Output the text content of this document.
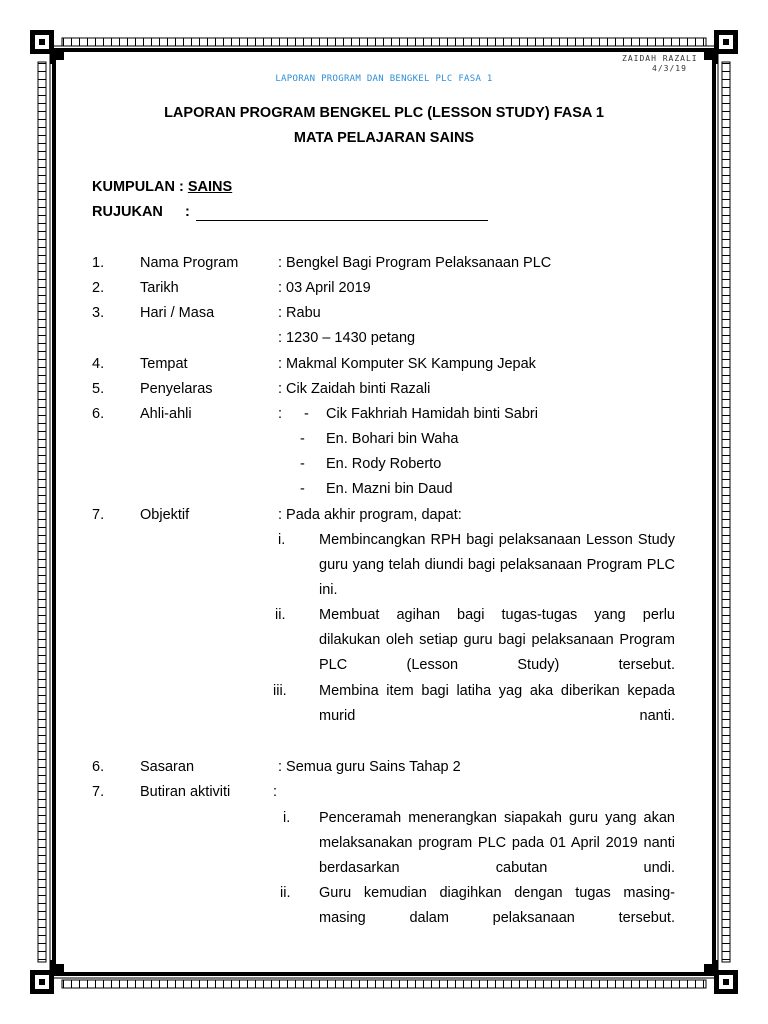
ZAIDAH RAZALI
4/3/19
LAPORAN PROGRAM DAN BENGKEL PLC FASA 1
LAPORAN PROGRAM BENGKEL PLC (LESSON STUDY) FASA 1
MATA PELAJARAN SAINS
KUMPULAN : SAINS
RUJUKAN :
1. Nama Program	: Bengkel Bagi Program Pelaksanaan PLC
2. Tarikh	: 03 April 2019
3. Hari / Masa	: Rabu
: 1230 – 1430 petang
4. Tempat	: Makmal Komputer SK Kampung Jepak
5. Penyelaras	: Cik Zaidah binti Razali
6. Ahli-ahli	: - Cik Fakhriah Hamidah binti Sabri
- En. Bohari bin Waha
- En. Rody Roberto
- En. Mazni bin Daud
7. Objektif	: Pada akhir program, dapat:
i. Membincangkan RPH bagi pelaksanaan Lesson Study guru yang telah diundi bagi pelaksanaan Program PLC ini.
ii. Membuat agihan bagi tugas-tugas yang perlu dilakukan oleh setiap guru bagi pelaksanaan Program PLC (Lesson Study) tersebut.
iii. Membina item bagi latiha yag aka diberikan kepada murid nanti.
6. Sasaran	: Semua guru Sains Tahap 2
7. Butiran aktiviti	:
i. Penceramah menerangkan siapakah guru yang akan melaksanakan program PLC pada 01 April 2019 nanti berdasarkan cabutan undi.
ii. Guru kemudian diagihkan dengan tugas masing-masing dalam pelaksanaan tersebut.
